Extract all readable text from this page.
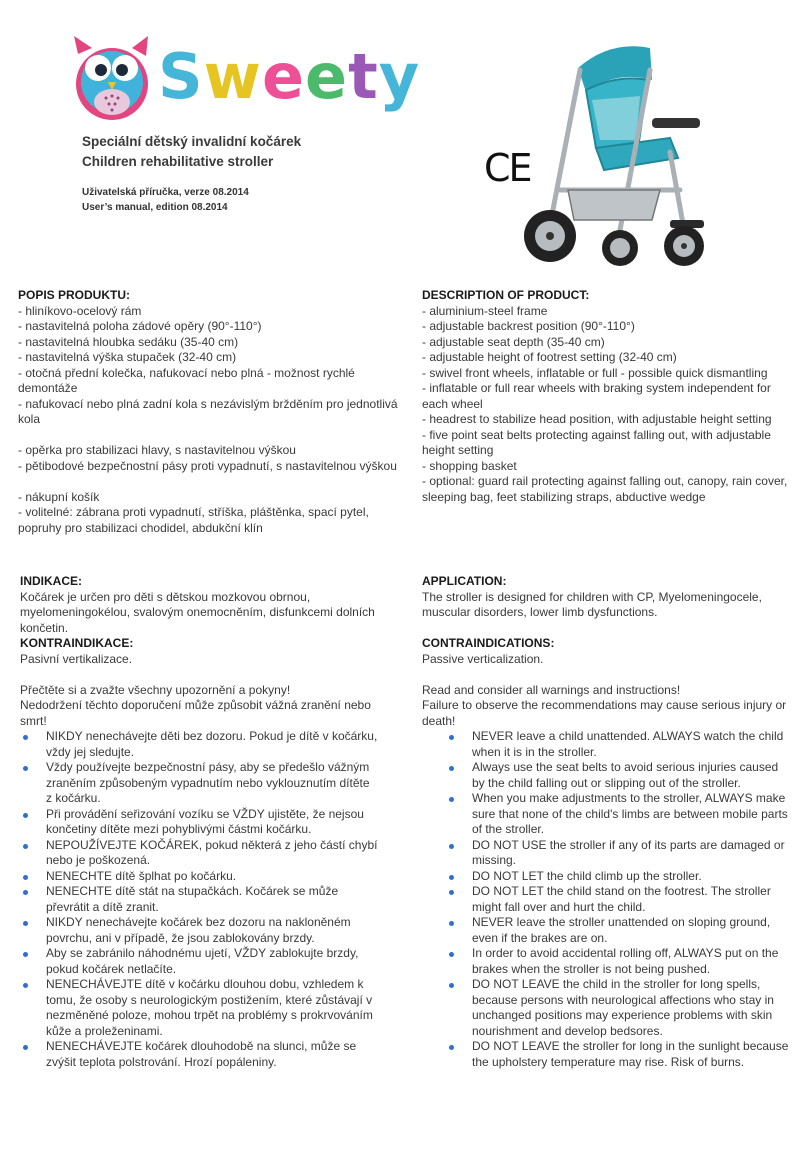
Sweety
Speciální dětský invalidní kočárek
Children rehabilitative stroller
Uživatelská příručka, verze 08.2014
User’s manual, edition 08.2014
CE

POPIS PRODUKTU:

- hliníkovo-ocelový rám

- nastavitelná poloha zádové opěry (90°-110°)

- nastavitelná hloubka sedáku (35-40 cm)

- nastavitelná výška stupaček (32-40 cm)

- otočná přední kolečka, nafukovací nebo plná - možnost rychlé demontáže

- nafukovací nebo plná zadní kola s nezávislým bržděním pro jednotlivá kola

- opěrka pro stabilizaci hlavy, s nastavitelnou výškou

- pětibodové bezpečnostní pásy proti vypadnutí, s nastavitelnou výškou

- nákupní košík

- volitelné: zábrana proti vypadnutí, stříška, pláštěnka, spací pytel, popruhy pro stabilizaci chodidel, abdukční klín

DESCRIPTION OF PRODUCT:

- aluminium-steel frame

- adjustable backrest position (90°-110°)

- adjustable seat depth (35-40 cm)

- adjustable height of footrest setting (32-40 cm)

- swivel front wheels, inflatable or full - possible quick dismantling

- inflatable or full rear wheels with braking system independent for each wheel

- headrest to stabilize head position, with adjustable height setting

- five point seat belts protecting against falling out, with adjustable height setting

- shopping basket

- optional: guard rail protecting against falling out, canopy, rain cover, sleeping bag, feet stabilizing straps, abductive wedge

INDIKACE:

Kočárek je určen pro děti s dětskou mozkovou obrnou, myelomeningokélou, svalovým onemocněním, disfunkcemi dolních končetin.

KONTRAINDIKACE:

Pasivní vertikalizace.

Přečtěte si a zvažte všechny upozornění a pokyny!

Nedodržení těchto doporučení může způsobit vážná zranění nebo smrt!

NIKDY nenechávejte děti bez dozoru. Pokud je dítě v kočárku, vždy jej sledujte.
Vždy používejte bezpečnostní pásy, aby se předešlo vážným zraněním způsobeným vypadnutím nebo vyklouznutím dítěte z kočárku.
Při provádění seřizování vozíku se VŽDY ujistěte, že nejsou končetiny dítěte mezi pohyblivými částmi kočárku.
NEPOUŽÍVEJTE KOČÁREK, pokud některá z jeho částí chybí nebo je poškozená.
NENECHTE dítě šplhat po kočárku.
NENECHTE dítě stát na stupačkách. Kočárek se může převrátit a dítě zranit.
NIKDY nenechávejte kočárek bez dozoru na nakloněném povrchu, ani v případě, že jsou zablokovány brzdy.
Aby se zabránilo náhodnému ujetí, VŽDY zablokujte brzdy, pokud kočárek netlačíte.
NENECHÁVEJTE dítě v kočárku dlouhou dobu, vzhledem k tomu, že osoby s neurologickým postižením, které zůstávají v nezměněné poloze, mohou trpět na problémy s prokrvováním kůže a proleženinami.
NENECHÁVEJTE kočárek dlouhodobě na slunci, může se zvýšit teplota polstrování. Hrozí popáleniny.

APPLICATION:

The stroller is designed for children with CP, Myelomeningocele, muscular disorders, lower limb dysfunctions.

CONTRAINDICATIONS:

Passive verticalization.

Read and consider all warnings and instructions!

Failure to observe the recommendations may cause serious injury or death!

NEVER leave a child unattended. ALWAYS watch the child when it is in the stroller.
Always use the seat belts to avoid serious injuries caused by the child falling out or slipping out of the stroller.
When you make adjustments to the stroller, ALWAYS make sure that none of the child's limbs are between mobile parts of the stroller.
DO NOT USE the stroller if any of its parts are damaged or missing.
DO NOT LET the child climb up the stroller.
DO NOT LET the child stand on the footrest. The stroller might fall over and hurt the child.
NEVER leave the stroller unattended on sloping ground, even if the brakes are on.
In order to avoid accidental rolling off, ALWAYS put on the brakes when the stroller is not being pushed.
DO NOT LEAVE the child in the stroller for long spells, because persons with neurological affections who stay in unchanged positions may experience problems with skin nourishment and develop bedsores.
DO NOT LEAVE the stroller for long in the sunlight because the upholstery temperature may rise. Risk of burns.
